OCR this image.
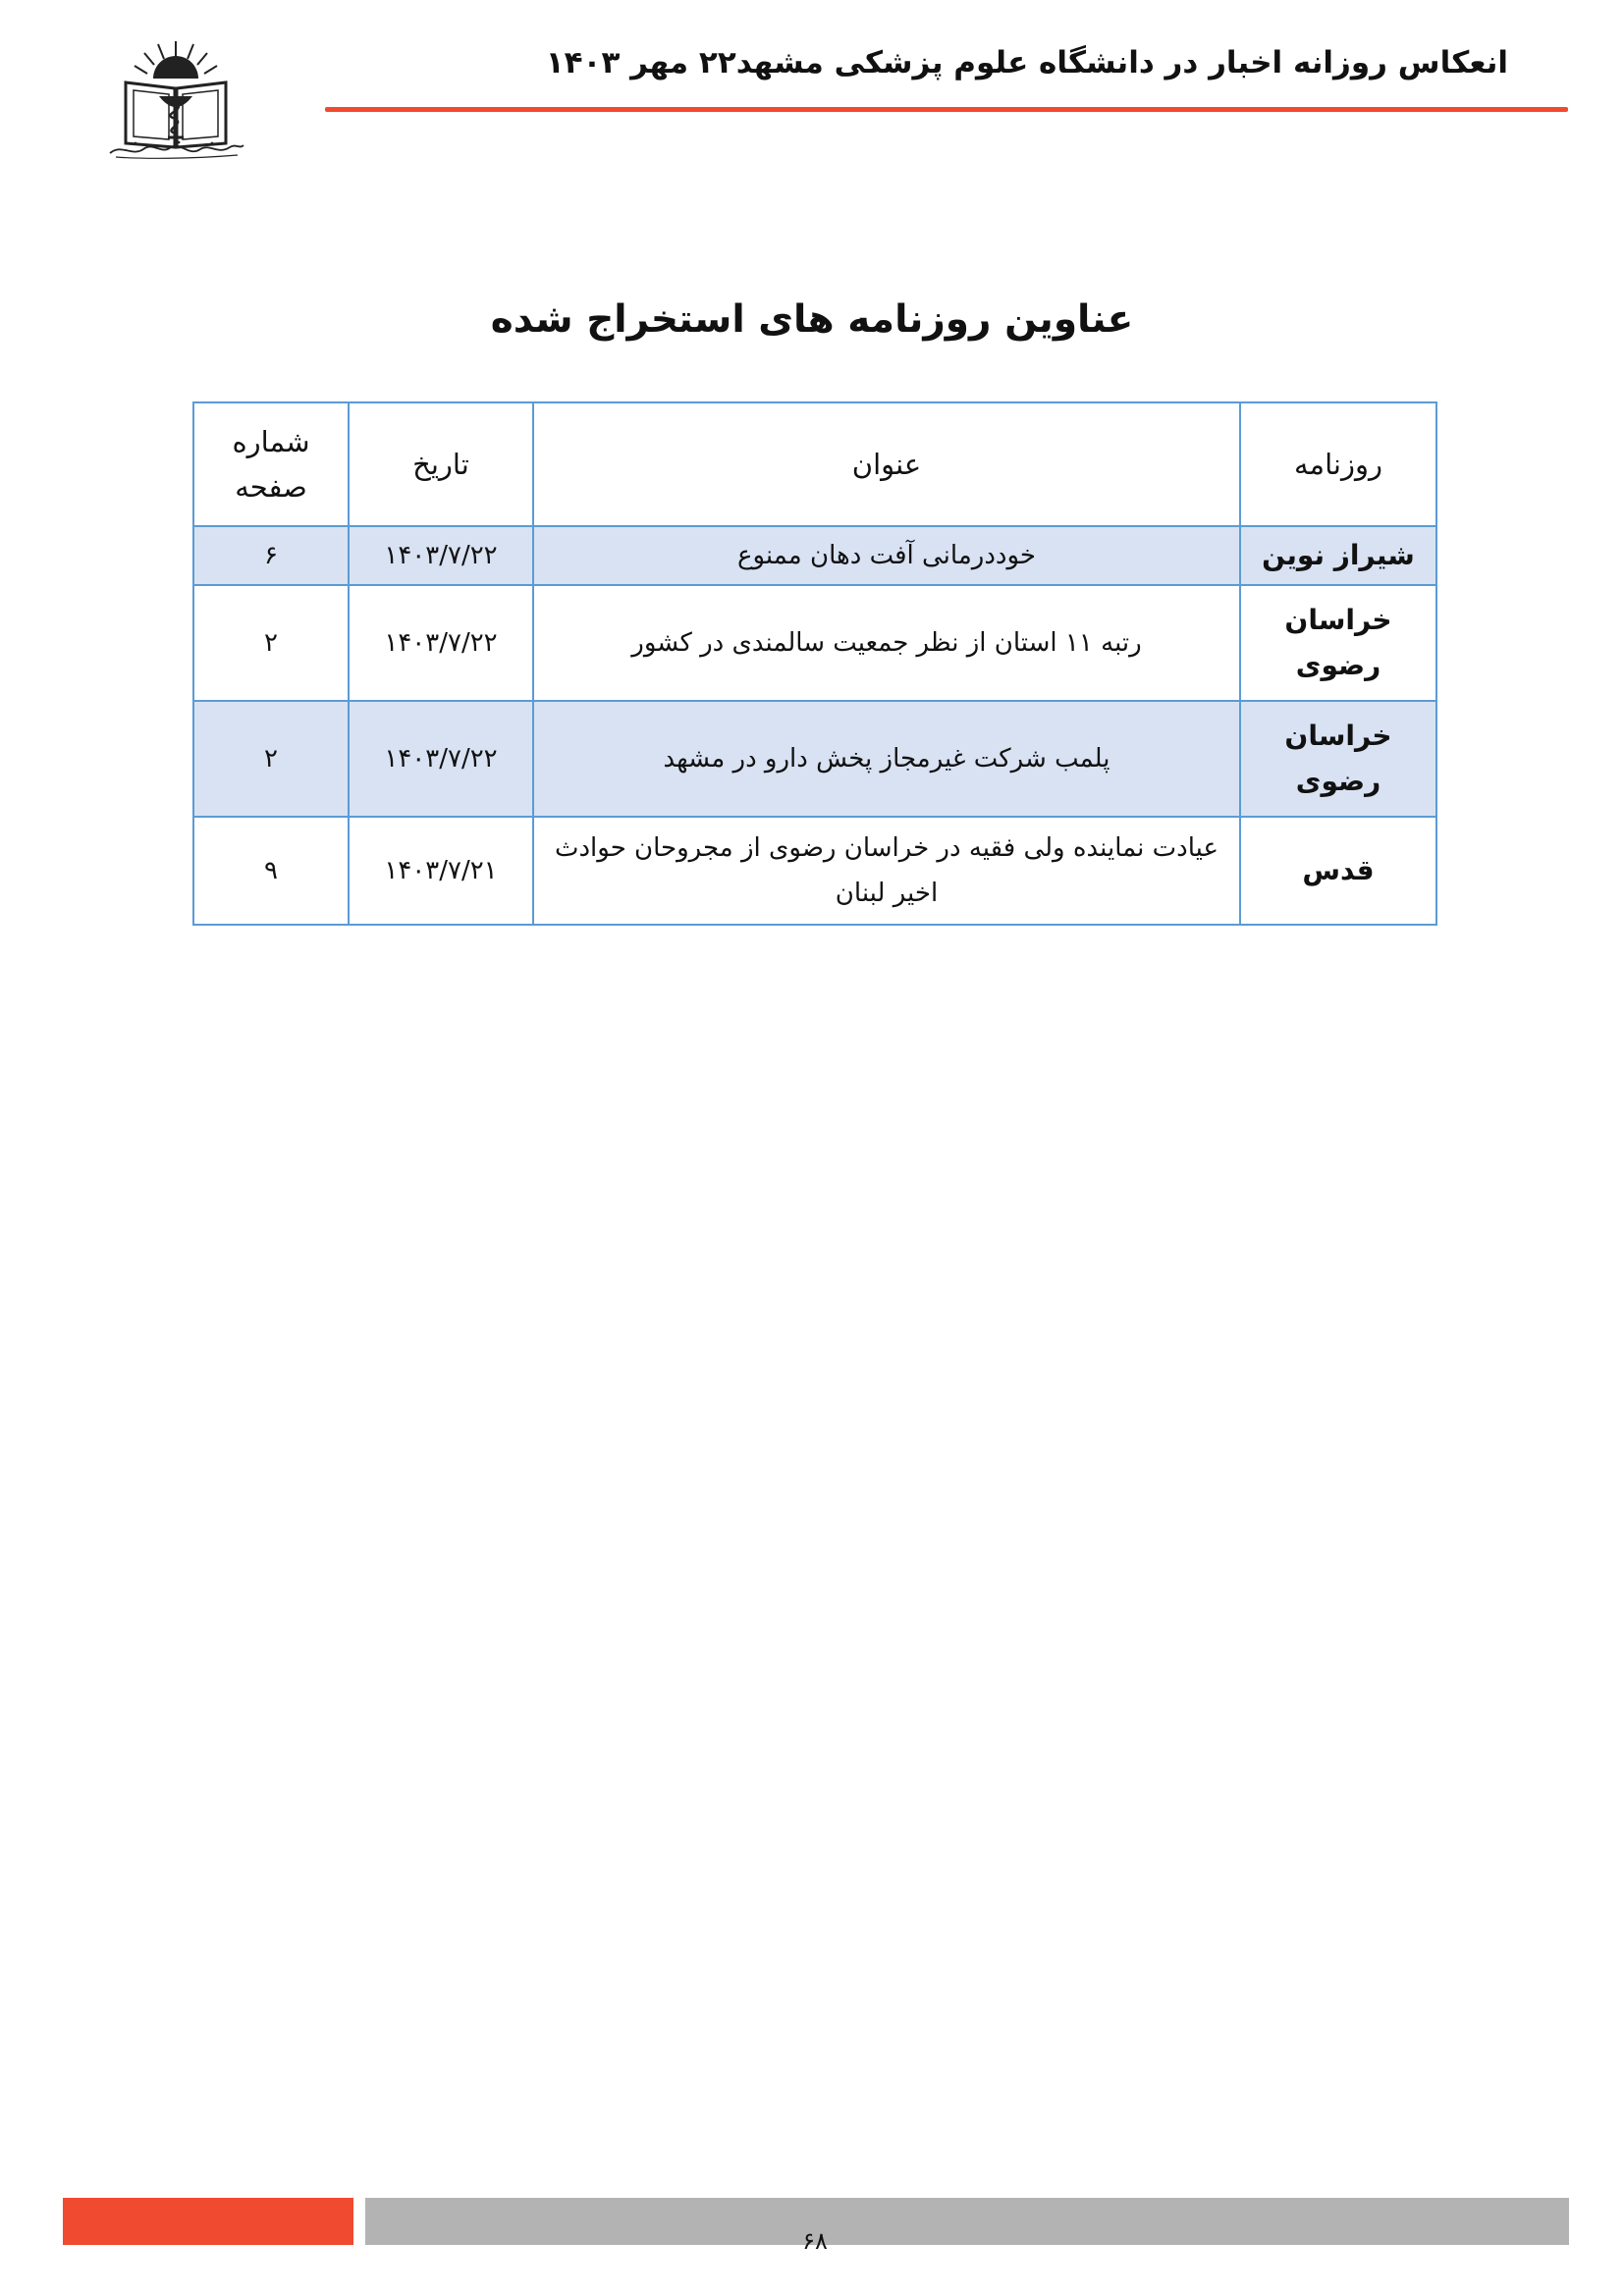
انعکاس روزانه اخبار در دانشگاه علوم پزشکی مشهد۲۲ مهر ۱۴۰۳
عناوین روزنامه های استخراج شده
روزنامه	عنوان	تاریخ	شماره صفحه
شیراز نوین	خوددرمانی آفت دهان ممنوع	۱۴۰۳/۷/۲۲	۶
خراسان رضوی	رتبه ۱۱ استان از نظر جمعیت سالمندی در کشور	۱۴۰۳/۷/۲۲	۲
خراسان رضوی	پلمب شرکت غیرمجاز پخش دارو در مشهد	۱۴۰۳/۷/۲۲	۲
قدس	عیادت نماینده ولی فقیه در خراسان رضوی از مجروحان حوادث اخیر لبنان	۱۴۰۳/۷/۲۱	۹
۶۸
